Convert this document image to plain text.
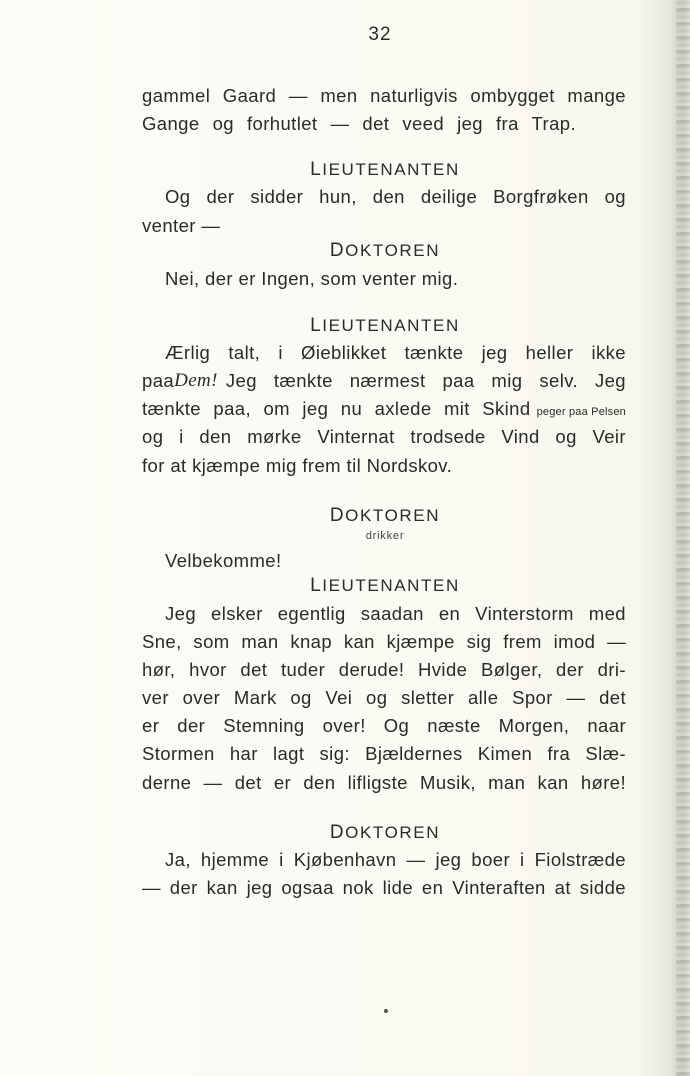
32
gammel Gaard — men naturligvis ombygget mange
Gange og forhutlet — det veed jeg fra Trap.
LIEUTENANTEN
Og der sidder hun, den deilige Borgfrøken og
venter —
DOKTOREN
Nei, der er Ingen, som venter mig.
LIEUTENANTEN
Ærlig talt, i Øieblikket tænkte jeg heller ikke
paa Dem! Jeg tænkte nærmest paa mig selv. Jeg
tænkte paa, om jeg nu axlede mit Skind peger paa Pelsen
og i den mørke Vinternat trodsede Vind og Veir
for at kjæmpe mig frem til Nordskov.
DOKTOREN
drikker
Velbekomme!
LIEUTENANTEN
Jeg elsker egentlig saadan en Vinterstorm med
Sne, som man knap kan kjæmpe sig frem imod —
hør, hvor det tuder derude! Hvide Bølger, der dri-
ver over Mark og Vei og sletter alle Spor — det
er der Stemning over! Og næste Morgen, naar
Stormen har lagt sig: Bjældernes Kimen fra Slæ-
derne — det er den lifligste Musik, man kan høre!
DOKTOREN
Ja, hjemme i Kjøbenhavn — jeg boer i Fiolstræde
— der kan jeg ogsaa nok lide en Vinteraften at sidde
